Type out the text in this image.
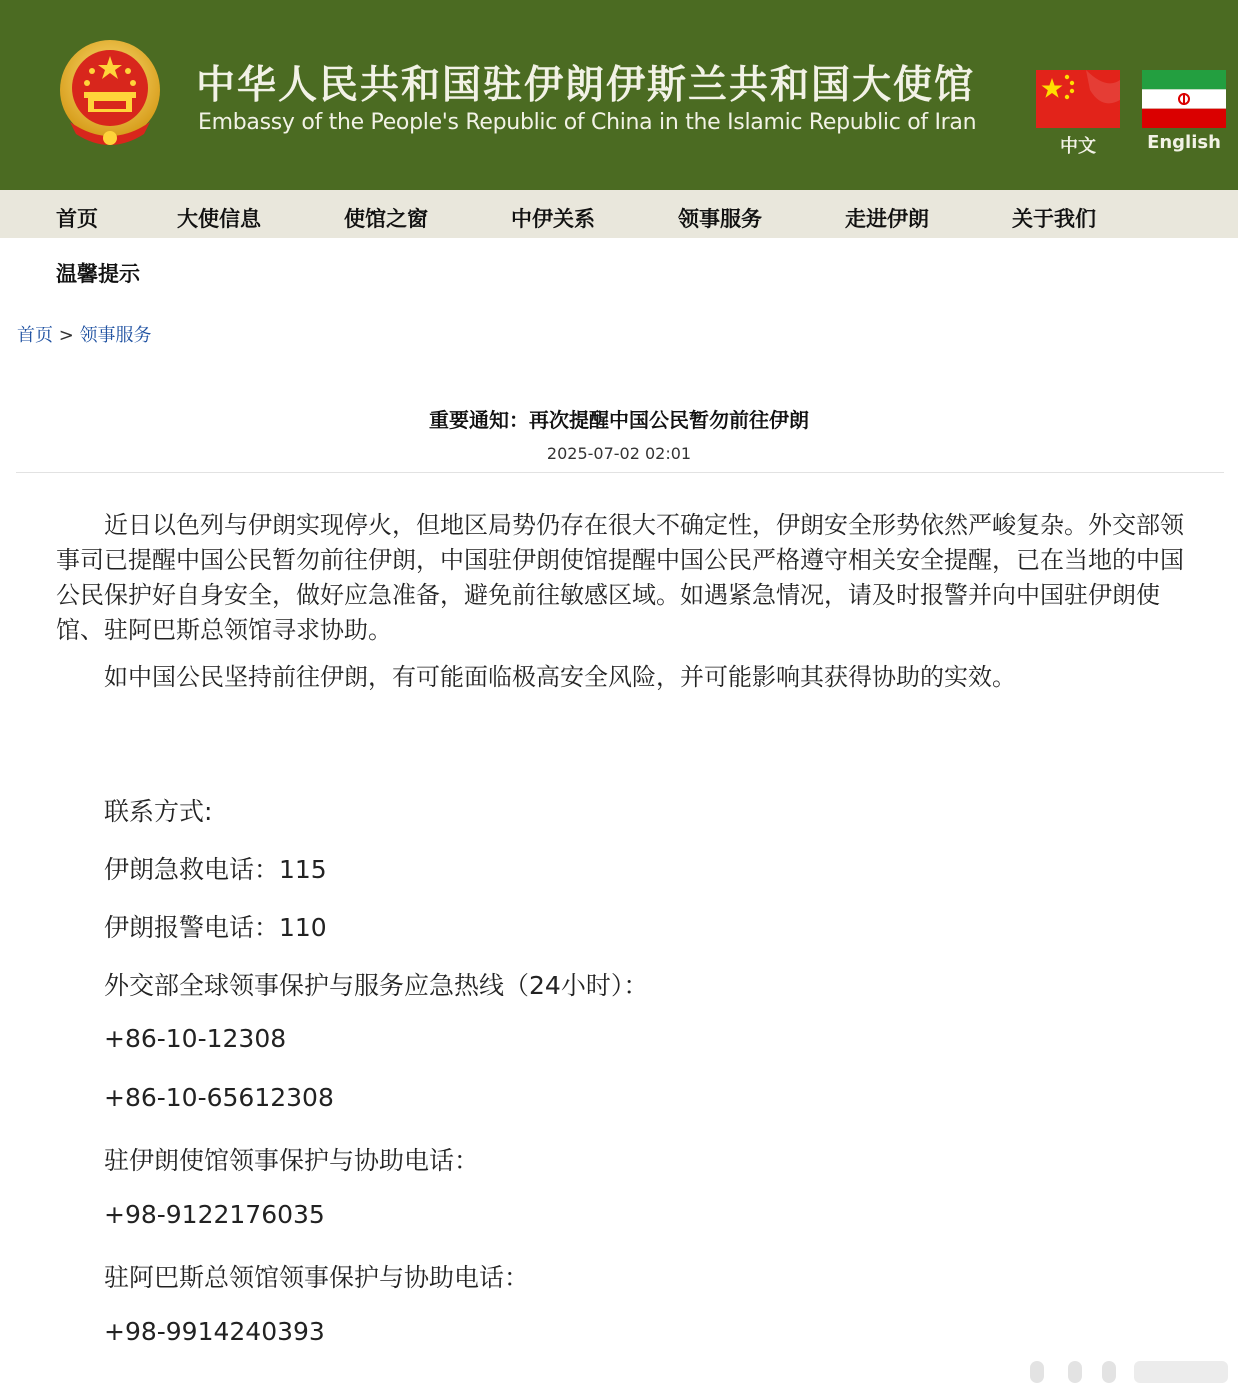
中华人民共和国驻伊朗伊斯兰共和国大使馆
Embassy of the People's Republic of China in the Islamic Republic of Iran
中文	English
首页	大使信息	使馆之窗	中伊关系	领事服务	走进伊朗	关于我们
温馨提示
首页 > 领事服务
重要通知：再次提醒中国公民暂勿前往伊朗
2025-07-02 02:01

近日以色列与伊朗实现停火，但地区局势仍存在很大不确定性，伊朗安全形势依然严峻复杂。外交部领事司已提醒中国公民暂勿前往伊朗，中国驻伊朗使馆提醒中国公民严格遵守相关安全提醒，已在当地的中国公民保护好自身安全，做好应急准备，避免前往敏感区域。如遇紧急情况，请及时报警并向中国驻伊朗使馆、驻阿巴斯总领馆寻求协助。

如中国公民坚持前往伊朗，有可能面临极高安全风险，并可能影响其获得协助的实效。

联系方式:
伊朗急救电话：115
伊朗报警电话：110
外交部全球领事保护与服务应急热线（24小时）：
+86-10-12308
+86-10-65612308
驻伊朗使馆领事保护与协助电话：
+98-9122176035
驻阿巴斯总领馆领事保护与协助电话：
+98-9914240393
